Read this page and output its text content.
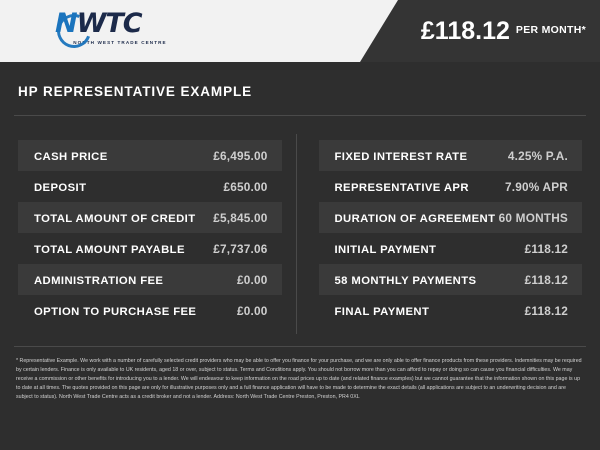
NWTC
NORTH WEST TRADE CENTRE	£118.12 PER MONTH*
HP REPRESENTATIVE EXAMPLE
CASH PRICE	£6,495.00
DEPOSIT	£650.00
TOTAL AMOUNT OF CREDIT £5,845.00
TOTAL AMOUNT PAYABLE £7,737.06
ADMINISTRATION FEE	£0.00
OPTION TO PURCHASE FEE	£0.00
FIXED INTEREST RATE	4.25% P.A.
REPRESENTATIVE APR	7.90% APR
DURATION OF AGREEMENT 60 MONTHS
INITIAL PAYMENT	£118.12
58 MONTHLY PAYMENTS	£118.12
FINAL PAYMENT	£118.12
* Representative Example. We work with a number of carefully selected credit providers who may be able to offer you finance for your purchase, and we are only able to offer finance products from these providers. Indemnities may be required by certain lenders. Finance is only available to UK residents, aged 18 or over, subject to status. Terms and Conditions apply. You should not borrow more than you can afford to repay or doing so can cause you financial difficulties. We may receive a commission or other benefits for introducing you to a lender. We will endeavour to keep information on the road prices up to date (and related finance examples) but we cannot guarantee that the information shown on this page is up to date at all times. The quotes provided on this page are only for illustrative purposes only and a full finance application will have to be made to determine the exact details (all applications are subject to an underwriting decision and are subject to status). North West Trade Centre acts as a credit broker and not a lender. Address: North West Trade Centre Preston, Preston, PR4 0XL
